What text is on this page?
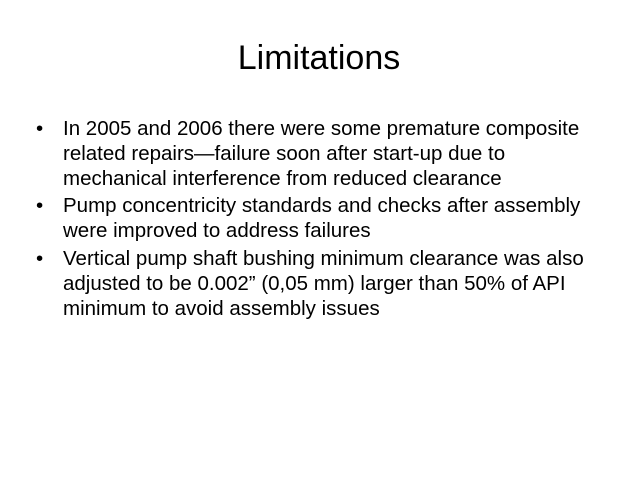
Limitations
• In 2005 and 2006 there were some premature composite related repairs—failure soon after start-up due to mechanical interference from reduced clearance
• Pump concentricity standards and checks after assembly were improved to address failures
• Vertical pump shaft bushing minimum clearance was also adjusted to be 0.002” (0,05 mm) larger than 50% of API minimum to avoid assembly issues
